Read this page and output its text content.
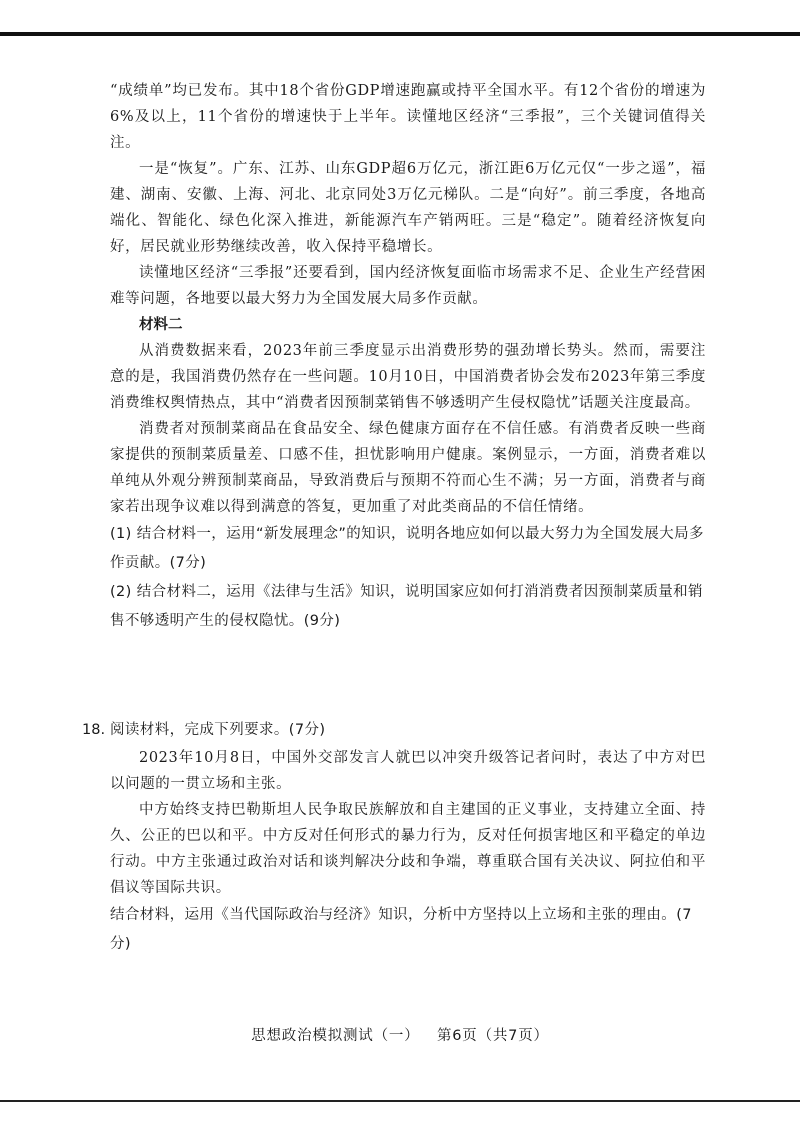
“成绩单”均已发布。其中18个省份GDP增速跑赢或持平全国水平。有12个省份的增速为6%及以上，11个省份的增速快于上半年。读懂地区经济“三季报”，三个关键词值得关注。

一是“恢复”。广东、江苏、山东GDP超6万亿元，浙江距6万亿元仅“一步之遥”，福建、湖南、安徽、上海、河北、北京同处3万亿元梯队。二是“向好”。前三季度，各地高端化、智能化、绿色化深入推进，新能源汽车产销两旺。三是“稳定”。随着经济恢复向好，居民就业形势继续改善，收入保持平稳增长。

读懂地区经济“三季报”还要看到，国内经济恢复面临市场需求不足、企业生产经营困难等问题，各地要以最大努力为全国发展大局多作贡献。

材料二

从消费数据来看，2023年前三季度显示出消费形势的强劲增长势头。然而，需要注意的是，我国消费仍然存在一些问题。10月10日，中国消费者协会发布2023年第三季度消费维权舆情热点，其中“消费者因预制菜销售不够透明产生侵权隐忧”话题关注度最高。

消费者对预制菜商品在食品安全、绿色健康方面存在不信任感。有消费者反映一些商家提供的预制菜质量差、口感不佳，担忧影响用户健康。案例显示，一方面，消费者难以单纯从外观分辨预制菜商品，导致消费后与预期不符而心生不满；另一方面，消费者与商家若出现争议难以得到满意的答复，更加重了对此类商品的不信任情绪。

(1) 结合材料一，运用“新发展理念”的知识，说明各地应如何以最大努力为全国发展大局多作贡献。(7分)

(2) 结合材料二，运用《法律与生活》知识，说明国家应如何打消消费者因预制菜质量和销售不够透明产生的侵权隐忧。(9分)

18. 阅读材料，完成下列要求。(7分)

2023年10月8日，中国外交部发言人就巴以冲突升级答记者问时，表达了中方对巴以问题的一贯立场和主张。

中方始终支持巴勒斯坦人民争取民族解放和自主建国的正义事业，支持建立全面、持久、公正的巴以和平。中方反对任何形式的暴力行为，反对任何损害地区和平稳定的单边行动。中方主张通过政治对话和谈判解决分歧和争端，尊重联合国有关决议、阿拉伯和平倡议等国际共识。

结合材料，运用《当代国际政治与经济》知识，分析中方坚持以上立场和主张的理由。(7分)

思想政治模拟测试（一） 第6页（共7页）
